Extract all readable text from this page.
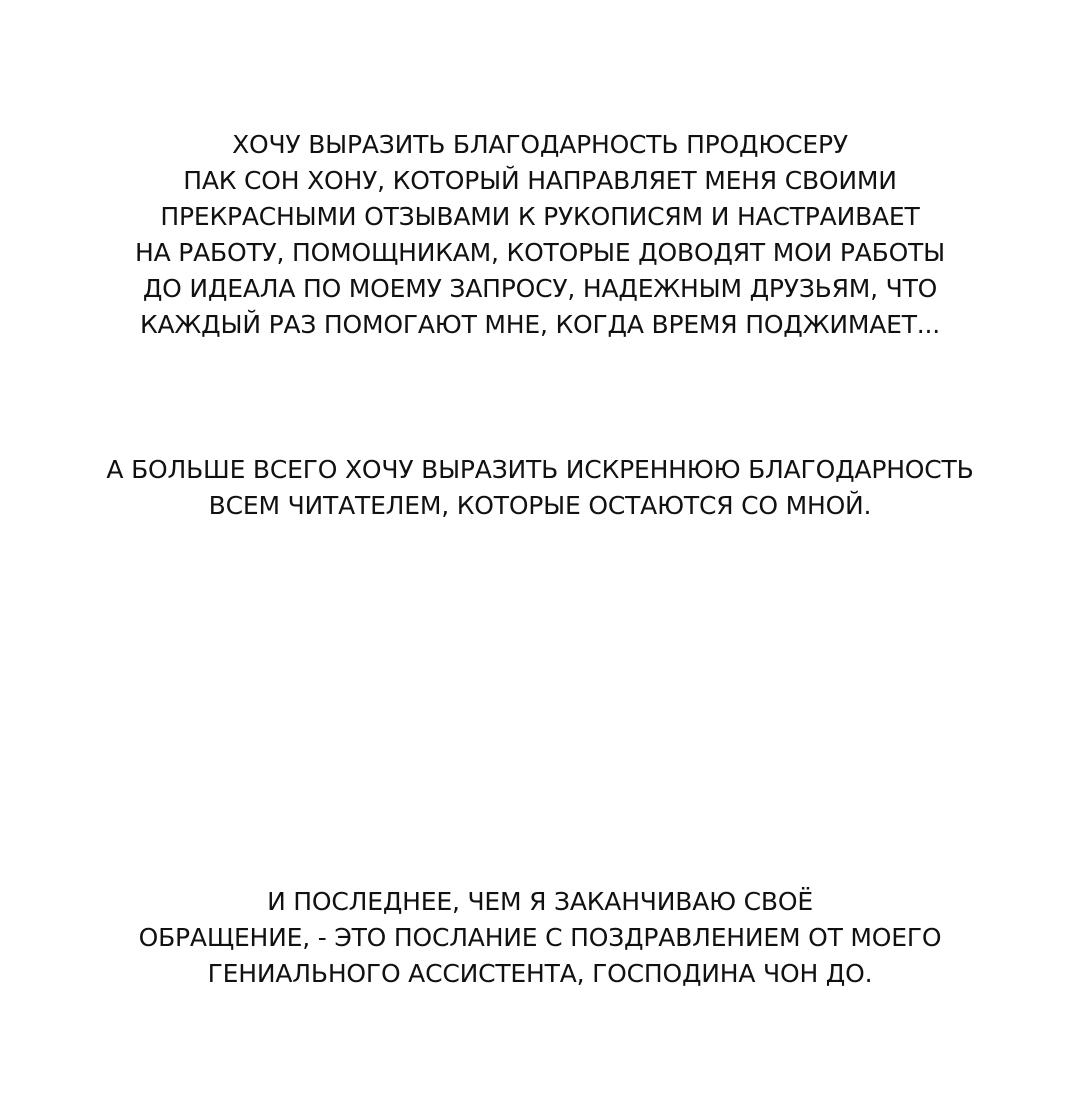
ХОЧУ ВЫРАЗИТЬ БЛАГОДАРНОСТЬ ПРОДЮСЕРУ
ПАК СОН ХОНУ, КОТОРЫЙ НАПРАВЛЯЕТ МЕНЯ СВОИМИ
ПРЕКРАСНЫМИ ОТЗЫВАМИ К РУКОПИСЯМ И НАСТРАИВАЕТ
НА РАБОТУ, ПОМОЩНИКАМ, КОТОРЫЕ ДОВОДЯТ МОИ РАБОТЫ
ДО ИДЕАЛА ПО МОЕМУ ЗАПРОСУ, НАДЕЖНЫМ ДРУЗЬЯМ, ЧТО
КАЖДЫЙ РАЗ ПОМОГАЮТ МНЕ, КОГДА ВРЕМЯ ПОДЖИМАЕТ...
А БОЛЬШЕ ВСЕГО ХОЧУ ВЫРАЗИТЬ ИСКРЕННЮЮ БЛАГОДАРНОСТЬ
ВСЕМ ЧИТАТЕЛЕМ, КОТОРЫЕ ОСТАЮТСЯ СО МНОЙ.
И ПОСЛЕДНЕЕ, ЧЕМ Я ЗАКАНЧИВАЮ СВОЁ
ОБРАЩЕНИЕ, - ЭТО ПОСЛАНИЕ С ПОЗДРАВЛЕНИЕМ ОТ МОЕГО
ГЕНИАЛЬНОГО АССИСТЕНТА, ГОСПОДИНА ЧОН ДО.
